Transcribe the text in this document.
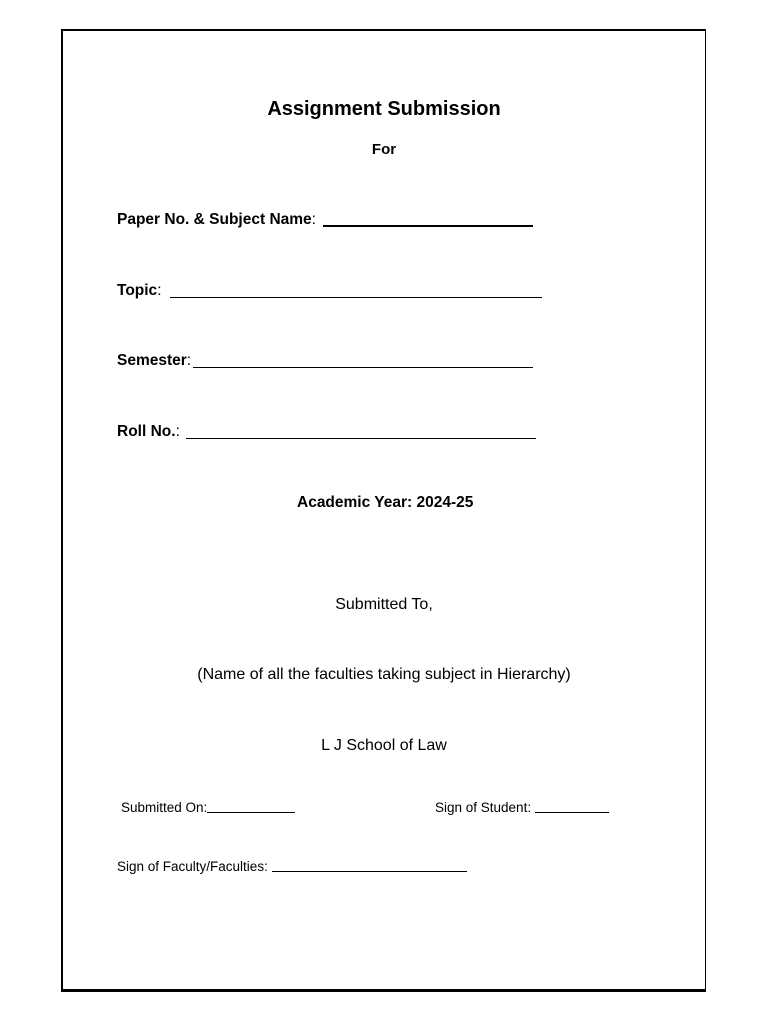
Assignment Submission
For
Paper No. & Subject Name :
Topic :
Semester :
Roll No. :
Academic Year: 2024-25
Submitted To,
(Name of all the faculties taking subject in Hierarchy)
L J School of Law
Submitted On:	Sign of Student:
Sign of Faculty/Faculties:
